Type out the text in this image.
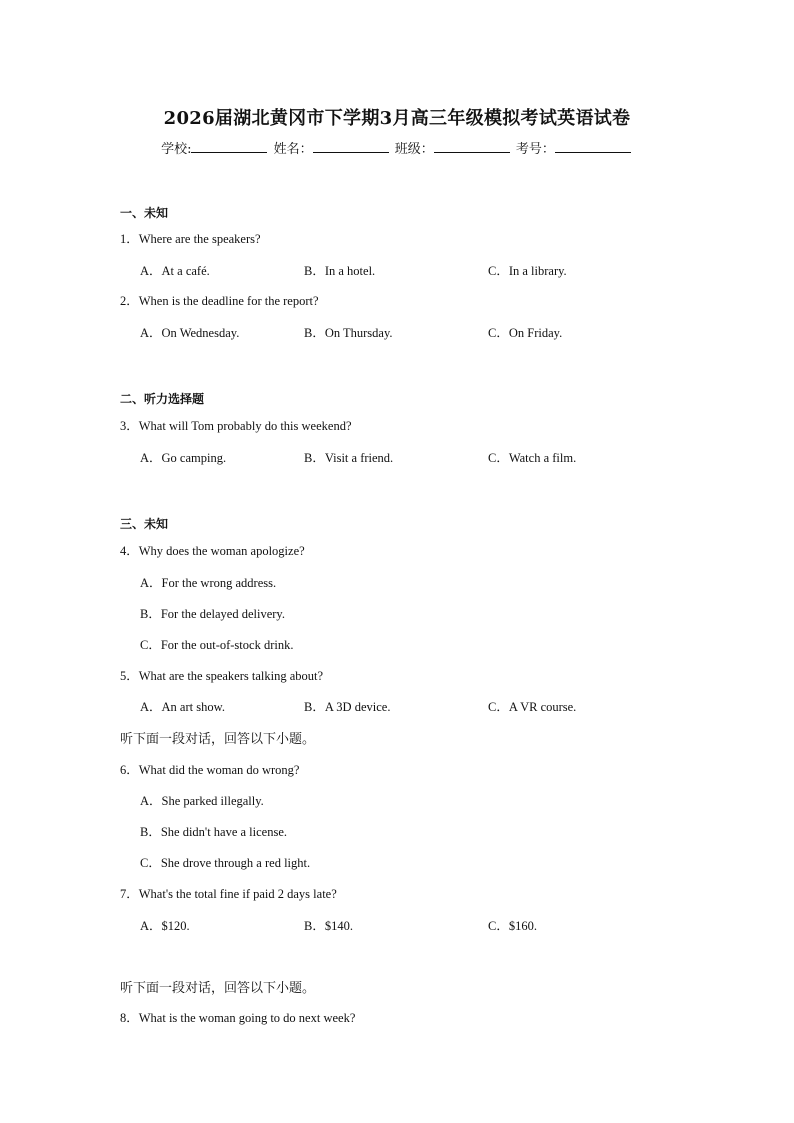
2026届湖北黄冈市下学期3月高三年级模拟考试英语试卷
学校:	姓名：	班级：	考号：
一、未知
1．Where are the speakers?
A．At a café.	B．In a hotel.	C．In a library.
2．When is the deadline for the report?
A．On Wednesday.	B．On Thursday.	C．On Friday.
二、听力选择题
3．What will Tom probably do this weekend?
A．Go camping.	B．Visit a friend.	C．Watch a film.
三、未知
4．Why does the woman apologize?
A．For the wrong address.
B．For the delayed delivery.
C．For the out-of-stock drink.
5．What are the speakers talking about?
A．An art show.	B．A 3D device.	C．A VR course.
听下面一段对话，回答以下小题。
6．What did the woman do wrong?
A．She parked illegally.
B．She didn't have a license.
C．She drove through a red light.
7．What's the total fine if paid 2 days late?
A．$120.	B．$140.	C．$160.
听下面一段对话，回答以下小题。
8．What is the woman going to do next week?
